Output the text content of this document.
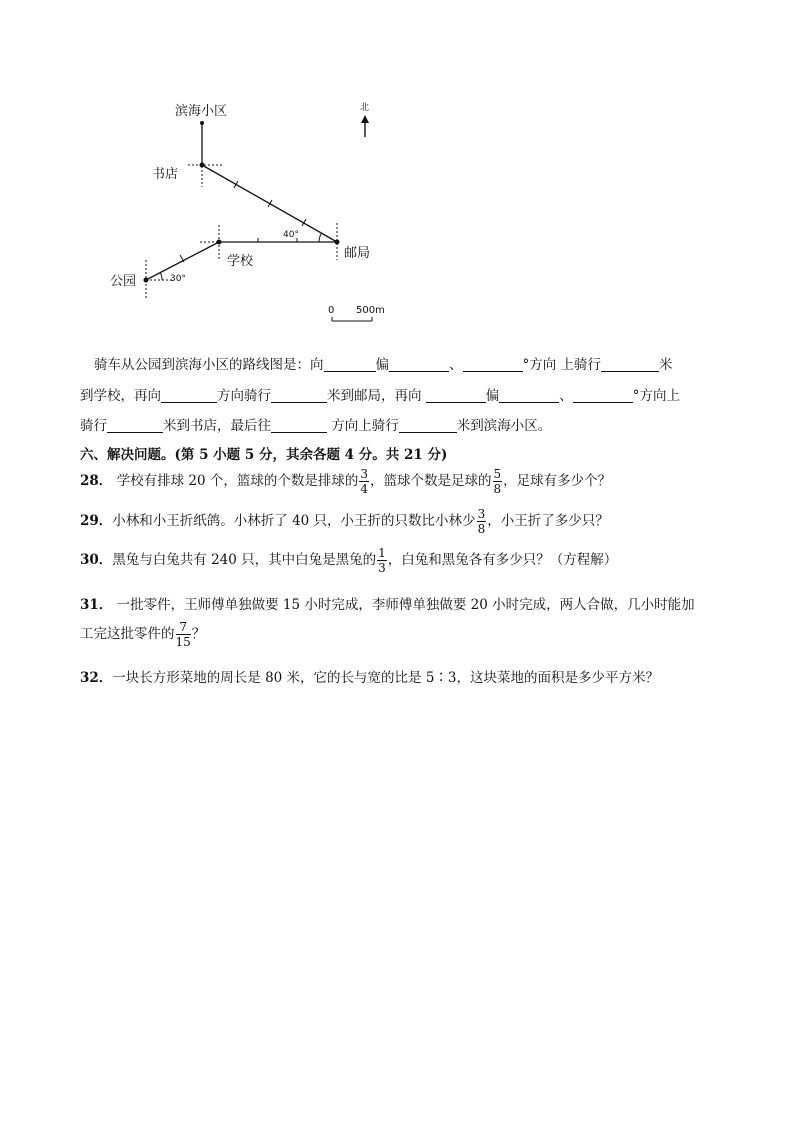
北
40°
30°
滨海小区
书店
学校
公园
邮局
0 500m
骑车从公园到滨海小区的路线图是：向	偏	、	°方向 上骑行	米
到学校，再向	方向骑行	米到邮局，再向	偏	、	°方向上
骑行	米到书店，最后往	方向上骑行	米到滨海小区。
六、解决问题。(第 5 小题 5 分，其余各题 4 分。共 21 分)
28． 学校有排球 20 个，篮球的个数是排球的 $\frac{3}{4}$ ，篮球个数是足球的 $\frac{5}{8}$ ，足球有多少个？
29．小林和小王折纸鸽。小林折了 40 只，小王折的只数比小林少 $\frac{3}{8}$ ，小王折了多少只？
30．黑兔与白兔共有 240 只，其中白兔是黑兔的 $\frac{1}{3}$ ，白兔和黑兔各有多少只？（方程解）
31． 一批零件，王师傅单独做要 15 小时完成，李师傅单独做要 20 小时完成，两人合做，几小时能加
工完这批零件的 $\frac{7}{15}$ ？
32．一块长方形菜地的周长是 80 米，它的长与宽的比是 5∶3，这块菜地的面积是多少平方米？
